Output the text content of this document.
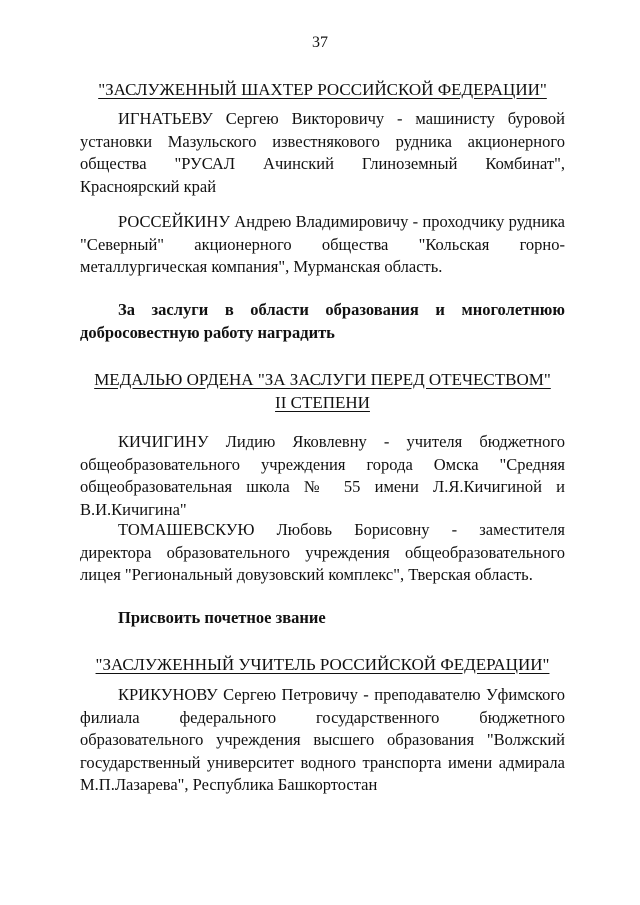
37
"ЗАСЛУЖЕННЫЙ ШАХТЕР РОССИЙСКОЙ ФЕДЕРАЦИИ"

ИГНАТЬЕВУ Сергею Викторовичу - машинисту буровой установки Мазульского известнякового рудника акционерного общества "РУСАЛ Ачинский Глиноземный Комбинат", Красноярский край

РОССЕЙКИНУ Андрею Владимировичу - проходчику рудника "Северный" акционерного общества "Кольская горно-металлургическая компания", Мурманская область.

За заслуги в области образования и многолетнюю добросовестную работу наградить

МЕДАЛЬЮ ОРДЕНА "ЗА ЗАСЛУГИ ПЕРЕД ОТЕЧЕСТВОМ"
II СТЕПЕНИ

КИЧИГИНУ Лидию Яковлевну - учителя бюджетного общеобразовательного учреждения города Омска "Средняя общеобразовательная школа № 55 имени Л.Я.Кичигиной и В.И.Кичигина"

ТОМАШЕВСКУЮ Любовь Борисовну - заместителя директора образовательного учреждения общеобразовательного лицея "Региональный довузовский комплекс", Тверская область.

Присвоить почетное звание

"ЗАСЛУЖЕННЫЙ УЧИТЕЛЬ РОССИЙСКОЙ ФЕДЕРАЦИИ"

КРИКУНОВУ Сергею Петровичу - преподавателю Уфимского филиала федерального государственного бюджетного образовательного учреждения высшего образования "Волжский государственный университет водного транспорта имени адмирала М.П.Лазарева", Республика Башкортостан
